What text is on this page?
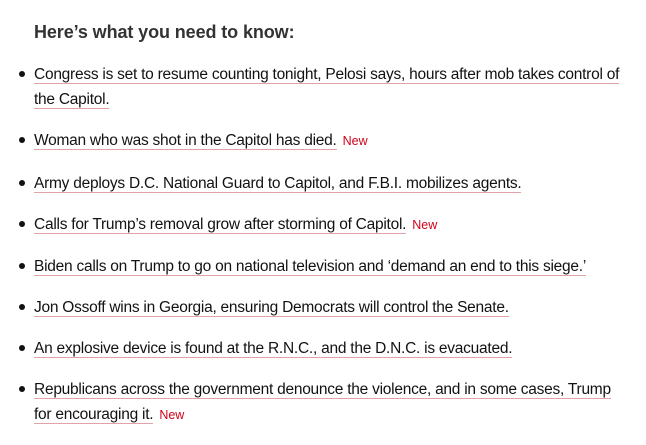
Here’s what you need to know:
Congress is set to resume counting tonight, Pelosi says, hours after mob takes control of the Capitol.
Woman who was shot in the Capitol has died. New
Army deploys D.C. National Guard to Capitol, and F.B.I. mobilizes agents.
Calls for Trump’s removal grow after storming of Capitol. New
Biden calls on Trump to go on national television and ‘demand an end to this siege.’
Jon Ossoff wins in Georgia, ensuring Democrats will control the Senate.
An explosive device is found at the R.N.C., and the D.N.C. is evacuated.
Republicans across the government denounce the violence, and in some cases, Trump for encouraging it. New
